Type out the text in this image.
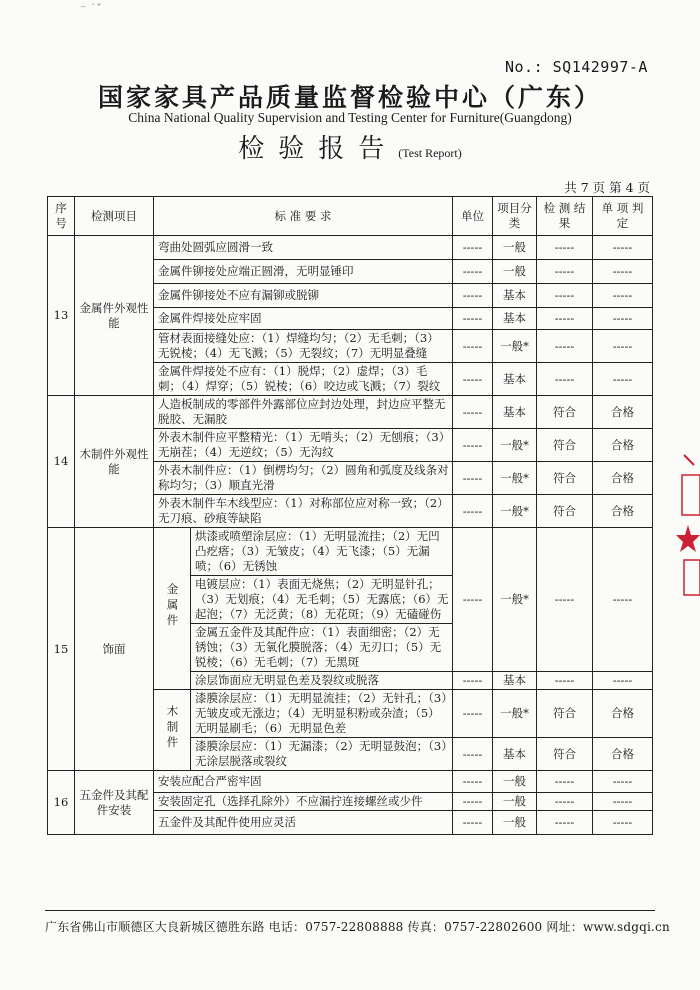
⁻ ˙ˇ
No.: SQ142997-A
国家家具产品质量监督检验中心（广东）
China National Quality Supervision and Testing Center for Furniture(Guangdong)
检验报告(Test Report)
共 7 页 第 4 页
序号	检测项目	标 准 要 求		单位	项目分类	检 测 结 果	单 项 判 定
13	金属件外观性能	弯曲处圆弧应圆滑一致		-----	一般	-----	-----
		金属件铆接处应端正圆滑，无明显锤印		-----	一般	-----	-----
		金属件铆接处不应有漏铆或脱铆		-----	基本	-----	-----
		金属件焊接处应牢固		-----	基本	-----	-----
		管材表面接缝处应：（1）焊缝均匀；（2）无毛刺；（3）无锐棱；（4）无飞溅；（5）无裂纹；（7）无明显叠缝		-----	一般*	-----	-----
		金属件焊接处不应有：（1）脱焊；（2）虚焊；（3）毛刺；（4）焊穿；（5）锐棱；（6）咬边或飞溅；（7）裂纹		-----	基本	-----	-----
14	木制件外观性能	人造板制成的零部件外露部位应封边处理，封边应平整无脱胶、无漏胶		-----	基本	符合	合格
		外表木制件应平整精光：（1）无啃头；（2）无刨痕；（3）无崩茬；（4）无逆纹；（5）无沟纹		-----	一般*	符合	合格
		外表木制件应：（1）倒楞均匀；（2）圆角和弧度及线条对称均匀；（3）顺直光滑		-----	一般*	符合	合格
		外表木制件车木线型应：（1）对称部位应对称一致；（2）无刀痕、砂痕等缺陷		-----	一般*	符合	合格
15	饰面	金属件	烘漆或喷塑涂层应：（1）无明显流挂；（2）无凹凸疙瘩；（3）无皱皮；（4）无飞漆；（5）无漏喷；（6）无锈蚀	-----	一般*	-----	-----
			电镀层应：（1）表面无烧焦；（2）无明显针孔；（3）无划痕；（4）无毛刺；（5）无露底；（6）无起泡；（7）无泛黄；（8）无花斑；（9）无磕碰伤				
			金属五金件及其配件应：（1）表面细密；（2）无锈蚀；（3）无氧化膜脱落；（4）无刃口；（5）无锐棱；（6）无毛刺；（7）无黑斑				
			涂层饰面应无明显色差及裂纹或脱落	-----	基本	-----	-----
		木制件	漆膜涂层应：（1）无明显流挂；（2）无针孔；（3）无皱皮或无涨边；（4）无明显积粉或杂渣；（5）无明显刷毛；（6）无明显色差	-----	一般*	符合	合格
			漆膜涂层应：（1）无漏漆；（2）无明显鼓泡；（3）无涂层脱落或裂纹	-----	基本	符合	合格
16	五金件及其配件安装	安装应配合严密牢固		-----	一般	-----	-----
		安装固定孔（选择孔除外）不应漏拧连接螺丝或少件		-----	一般	-----	-----
		五金件及其配件使用应灵活		-----	一般	-----	-----
广东省佛山市顺德区大良新城区德胜东路 电话：0757-22808888 传真：0757-22802600 网址：www.sdgqi.cn
